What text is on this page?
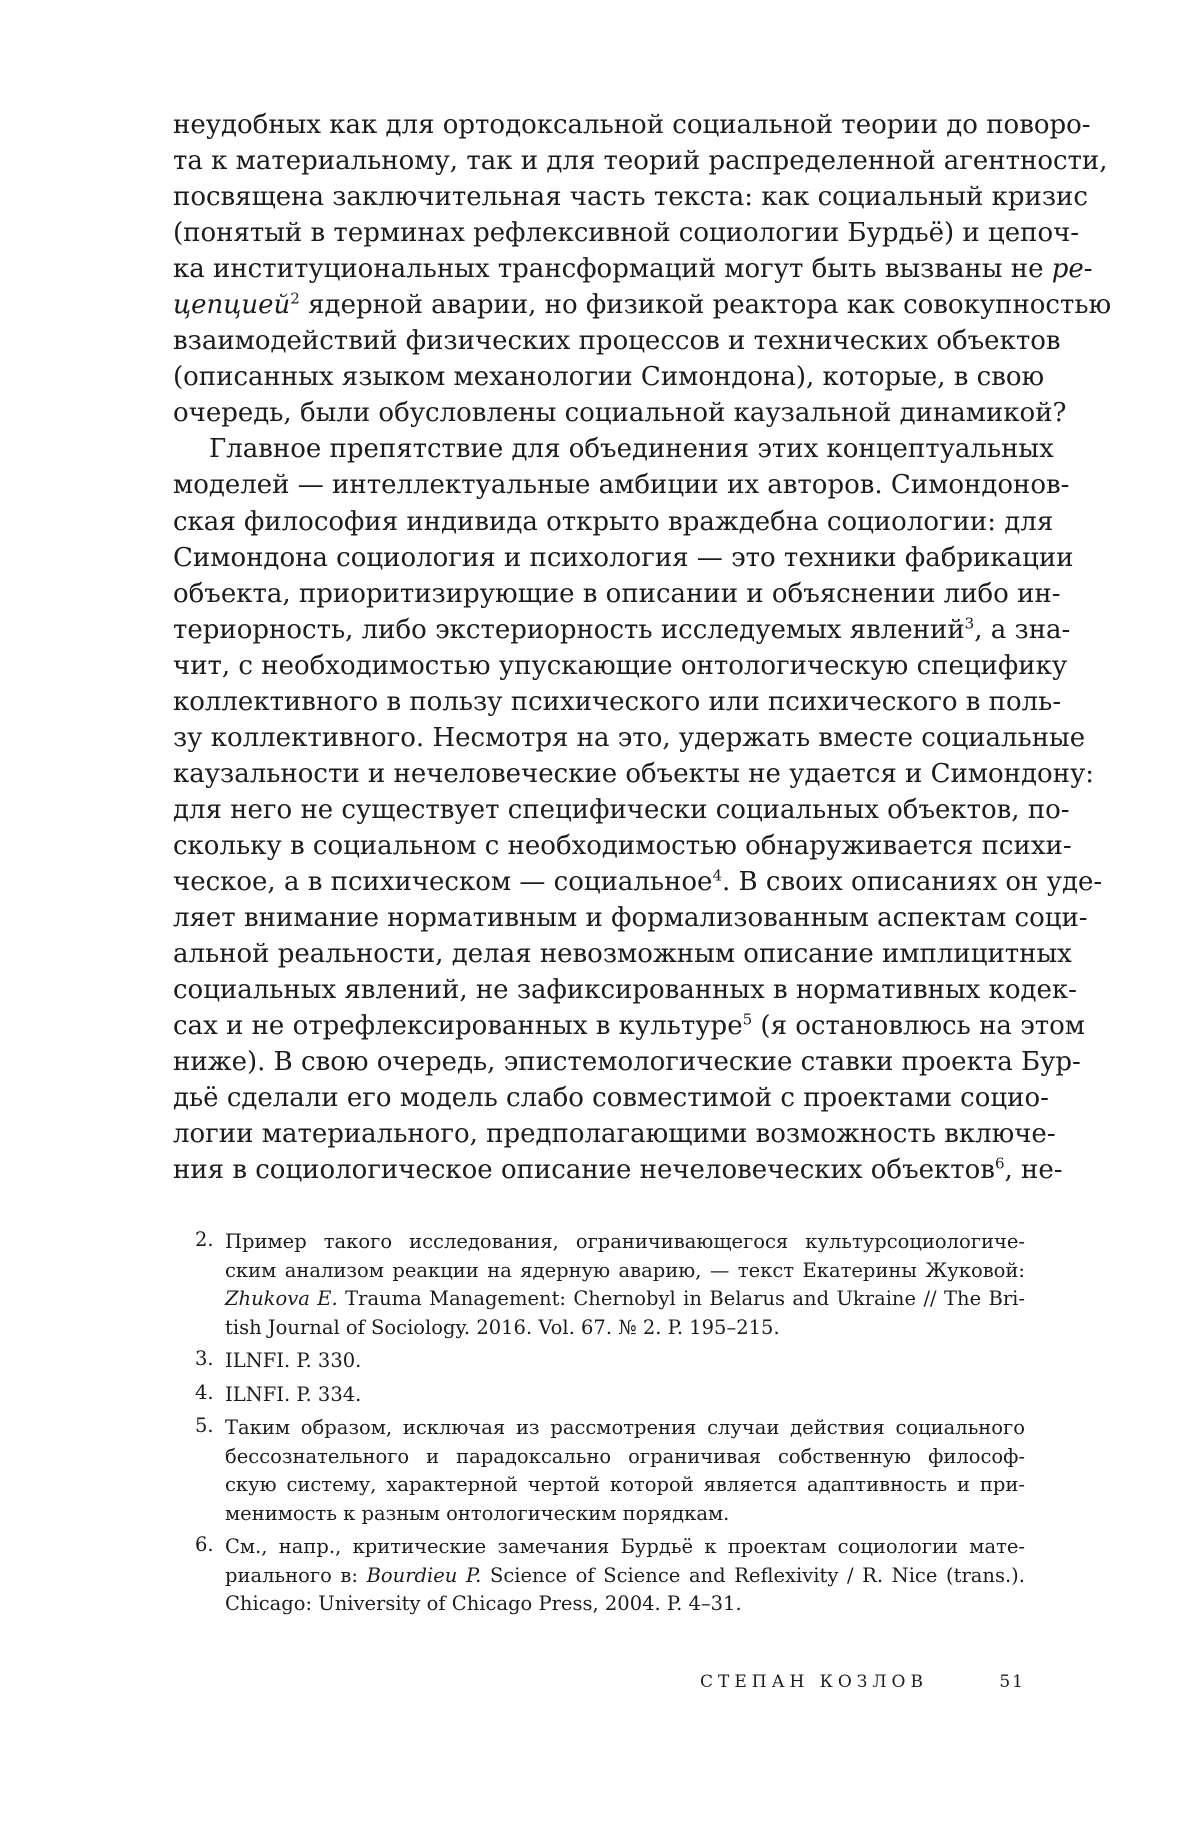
неудобных как для ортодоксальной социальной теории до поворо-
та к материальному, так и для теорий распределенной агентности,
посвящена заключительная часть текста: как социальный кризис
(понятый в терминах рефлексивной социологии Бурдьё) и цепоч-
ка институциональных трансформаций могут быть вызваны не ре-
цепцией$^2$ ядерной аварии, но физикой реактора как совокупностью
взаимодействий физических процессов и технических объектов
(описанных языком механологии Симондона), которые, в свою
очередь, были обусловлены социальной каузальной динамикой?
Главное препятствие для объединения этих концептуальных
моделей — интеллектуальные амбиции их авторов. Симондонов-
ская философия индивида открыто враждебна социологии: для
Симондона социология и психология — это техники фабрикации
объекта, приоритизирующие в описании и объяснении либо ин-
териорность, либо экстериорность исследуемых явлений$^3$, а зна-
чит, с необходимостью упускающие онтологическую специфику
коллективного в пользу психического или психического в поль-
зу коллективного. Несмотря на это, удержать вместе социальные
каузальности и нечеловеческие объекты не удается и Симондону:
для него не существует специфически социальных объектов, по-
скольку в социальном с необходимостью обнаруживается психи-
ческое, а в психическом — социальное$^4$. В своих описаниях он уде-
ляет внимание нормативным и формализованным аспектам соци-
альной реальности, делая невозможным описание имплицитных
социальных явлений, не зафиксированных в нормативных кодек-
сах и не отрефлексированных в культуре$^5$ (я остановлюсь на этом
ниже). В свою очередь, эпистемологические ставки проекта Бур-
дьё сделали его модель слабо совместимой с проектами социо-
логии материального, предполагающими возможность включе-
ния в социологическое описание нечеловеческих объектов$^6$, не-
2. Пример такого исследования, ограничивающегося культурсоциологиче-
ским анализом реакции на ядерную аварию, — текст Екатерины Жуковой:
Zhukova E. Trauma Management: Chernobyl in Belarus and Ukraine // The Bri-
tish Journal of Sociology. 2016. Vol. 67. № 2. P. 195–215.
3. ILNFI. P. 330.
4. ILNFI. P. 334.
5. Таким образом, исключая из рассмотрения случаи действия социального
бессознательного и парадоксально ограничивая собственную философ-
скую систему, характерной чертой которой является адаптивность и при-
менимость к разным онтологическим порядкам.
6. См., напр., критические замечания Бурдьё к проектам социологии мате-
риального в: Bourdieu P. Science of Science and Reflexivity / R. Nice (trans.).
Chicago: University of Chicago Press, 2004. P. 4–31.
СТЕПАН КОЗЛОВ	51
